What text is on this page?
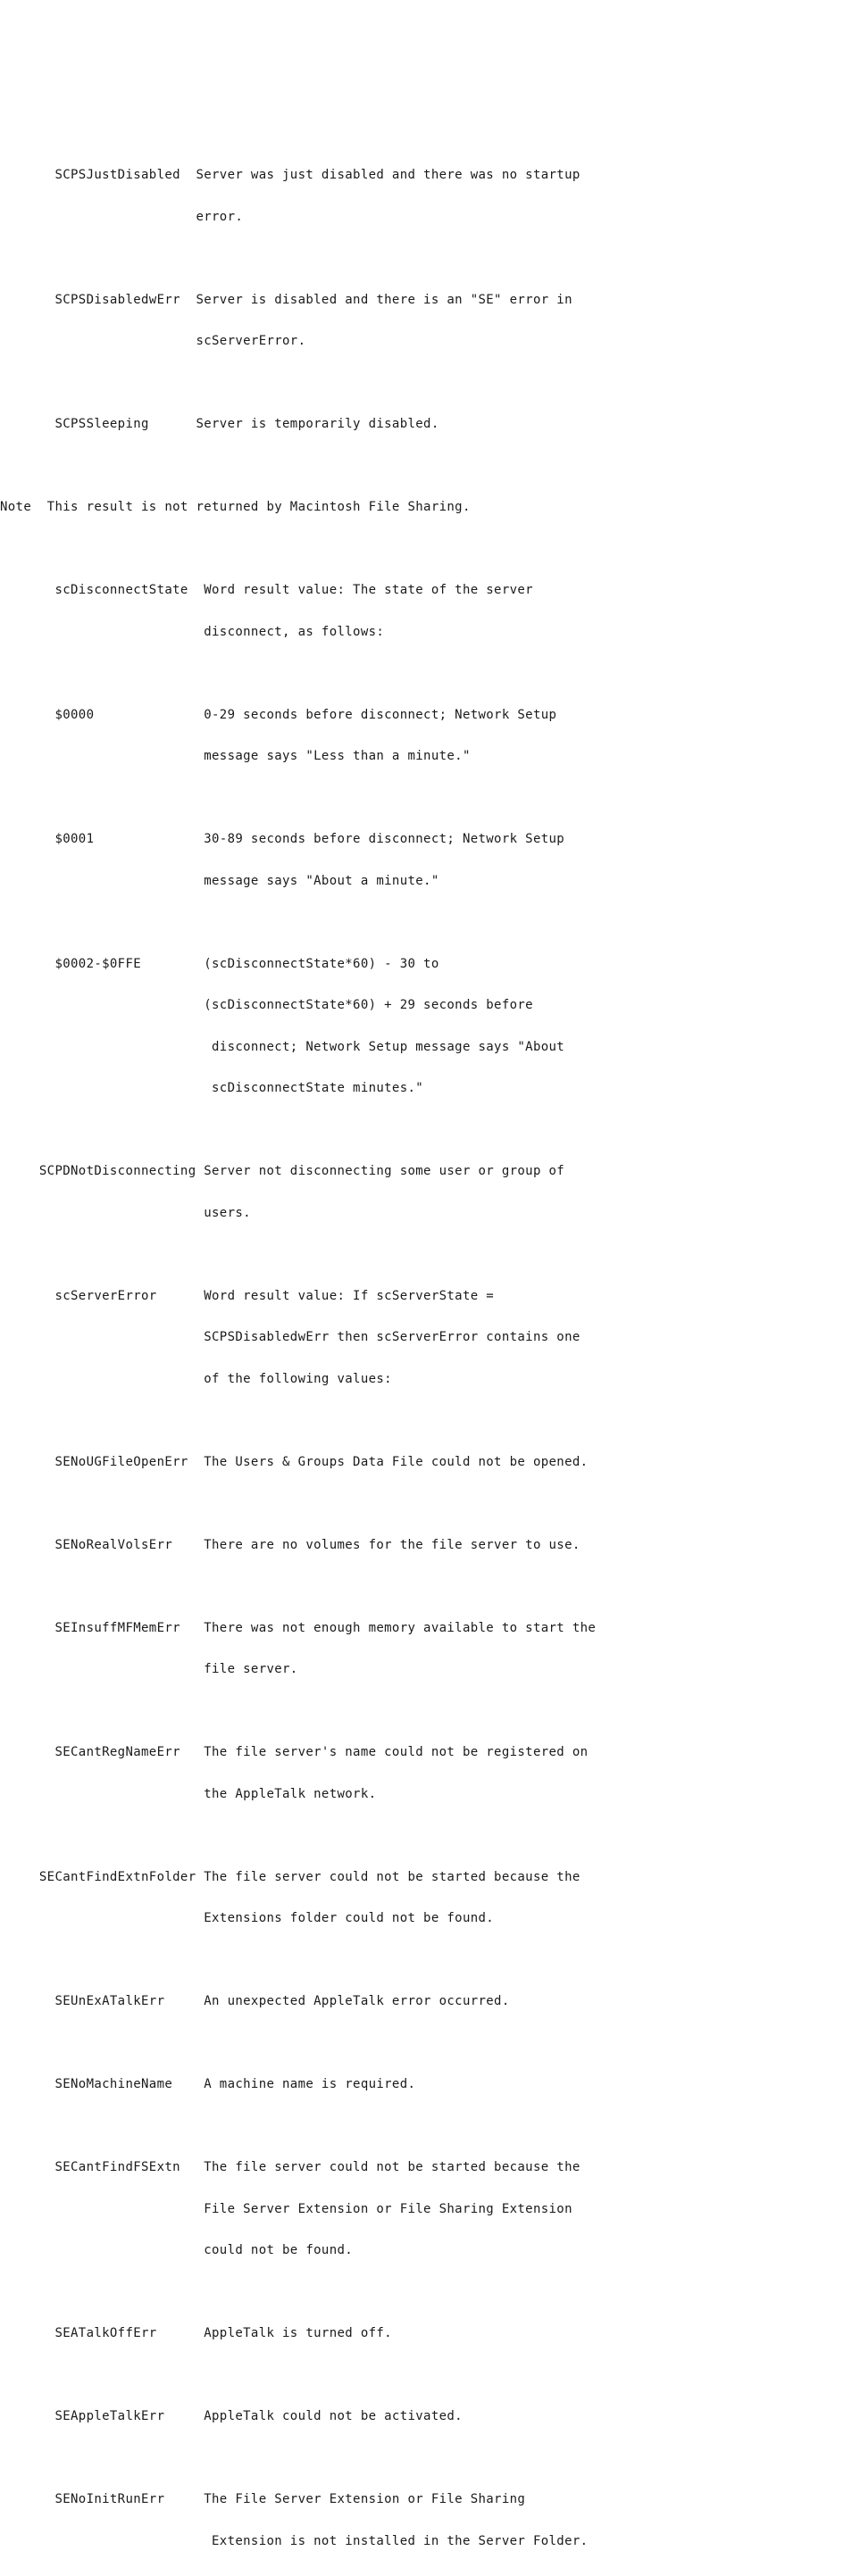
SCPSJustDisabled  Server was just disabled and there was no startup

error.

SCPSDisabledwErr  Server is disabled and there is an "SE" error in

scServerError.

SCPSSleeping      Server is temporarily disabled.

Note  This result is not returned by Macintosh File Sharing.

scDisconnectState  Word result value: The state of the server

disconnect, as follows:

$0000              0-29 seconds before disconnect; Network Setup

message says "Less than a minute."

$0001              30-89 seconds before disconnect; Network Setup

message says "About a minute."

$0002-$0FFE        (scDisconnectState*60) - 30 to

(scDisconnectState*60) + 29 seconds before

disconnect; Network Setup message says "About

scDisconnectState minutes."

SCPDNotDisconnecting Server not disconnecting some user or group of

users.

scServerError      Word result value: If scServerState =

SCPSDisabledwErr then scServerError contains one

of the following values:

SENoUGFileOpenErr  The Users & Groups Data File could not be opened.

SENoRealVolsErr    There are no volumes for the file server to use.

SEInsuffMFMemErr   There was not enough memory available to start the

file server.

SECantRegNameErr   The file server's name could not be registered on

the AppleTalk network.

SECantFindExtnFolder The file server could not be started because the

Extensions folder could not be found.

SEUnExATalkErr     An unexpected AppleTalk error occurred.

SENoMachineName    A machine name is required.

SECantFindFSExtn   The file server could not be started because the

File Server Extension or File Sharing Extension

could not be found.

SEATalkOffErr      AppleTalk is turned off.

SEAppleTalkErr     AppleTalk could not be activated.

SENoInitRunErr     The File Server Extension or File Sharing

Extension is not installed in the Server Folder.
